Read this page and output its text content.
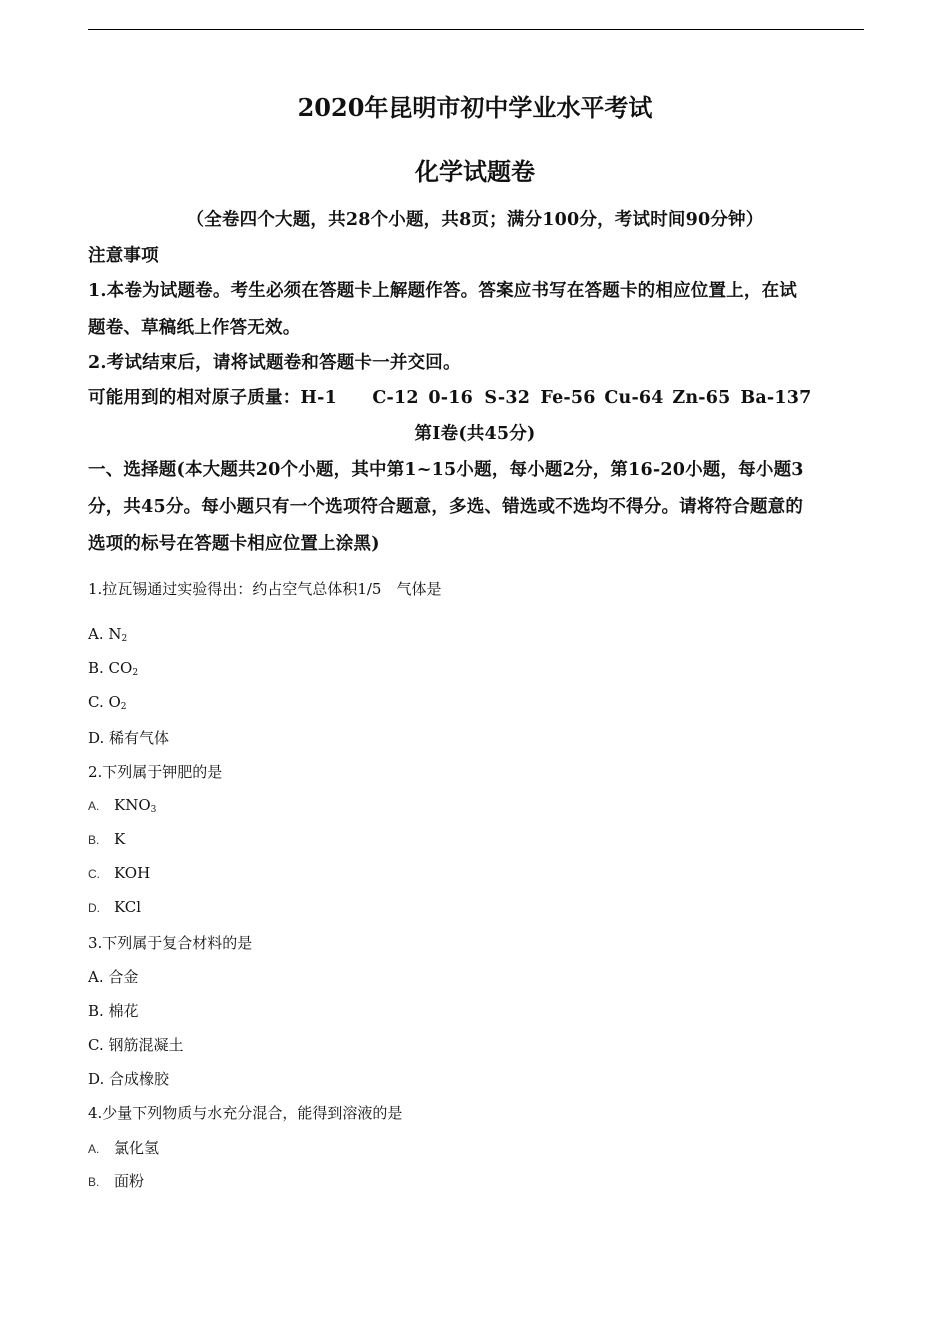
2020年昆明市初中学业水平考试
化学试题卷
（全卷四个大题，共28个小题，共8页；满分100分，考试时间90分钟）
注意事项
1.本卷为试题卷。考生必须在答题卡上解题作答。答案应书写在答题卡的相应位置上，在试
题卷、草稿纸上作答无效。
2.考试结束后，请将试题卷和答题卡一并交回。
可能用到的相对原子质量：H-1 C-12 0-16 S-32 Fe-56 Cu-64 Zn-65 Ba-137
第Ⅰ卷(共45分)
一、选择题(本大题共20个小题，其中第1~15小题，每小题2分，第16-20小题，每小题3
分，共45分。每小题只有一个选项符合题意，多选、错选或不选均不得分。请将符合题意的
选项的标号在答题卡相应位置上涂黑)
1.拉瓦锡通过实验得出：约占空气总体积1/5　气体是
A. $N_2$
B. $CO_2$
C. $O_2$
D. 稀有气体
2.下列属于钾肥的是
A. $KNO_3$
B. K
C. KOH
D. KCl
3.下列属于复合材料的是
A. 合金
B. 棉花
C. 钢筋混凝土
D. 合成橡胶
4.少量下列物质与水充分混合，能得到溶液的是
A. 氯化氢
B. 面粉
